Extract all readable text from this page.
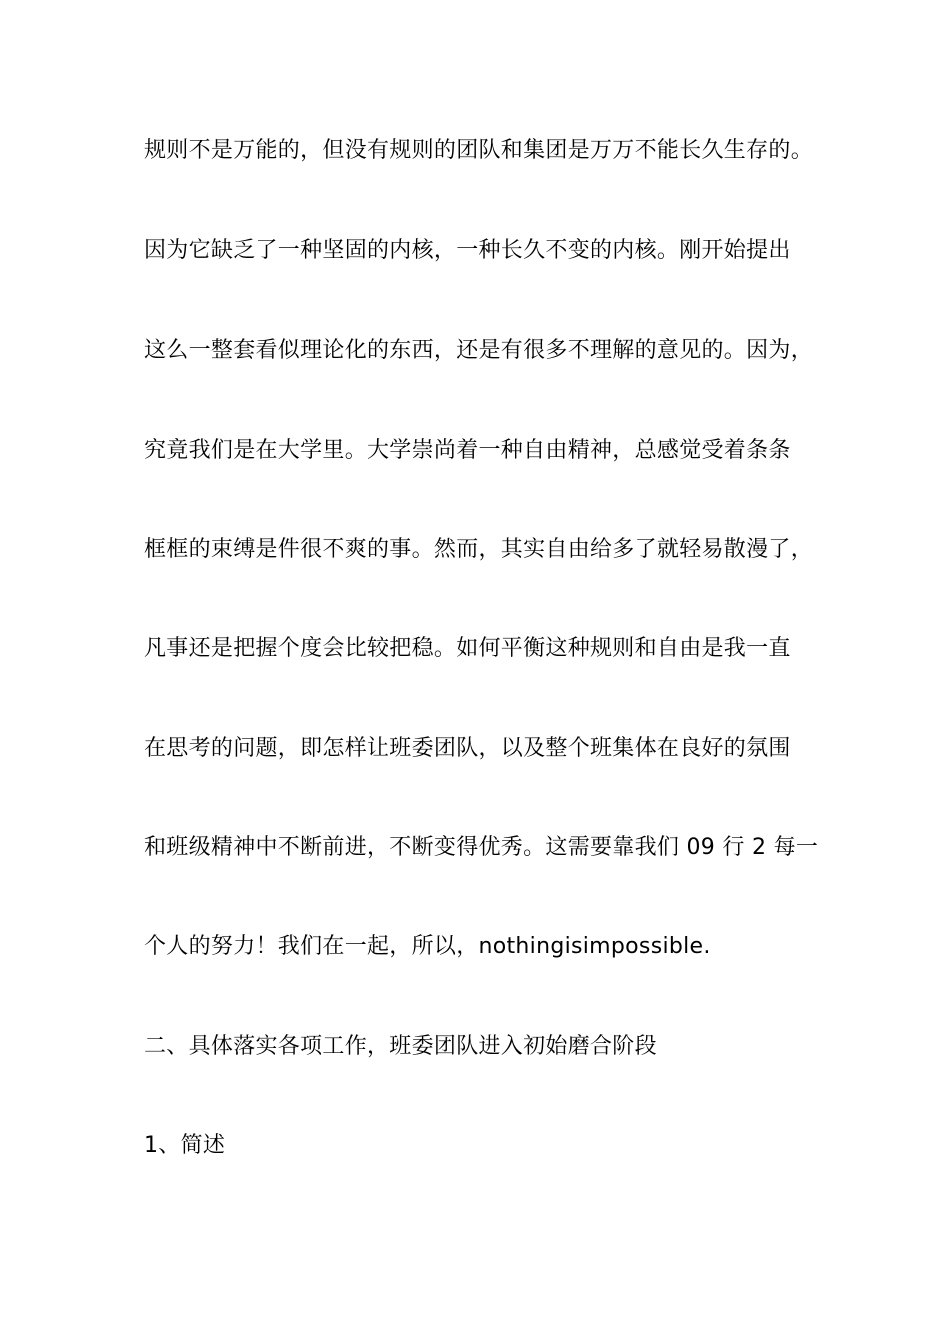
规则不是万能的，但没有规则的团队和集团是万万不能长久生存的。
因为它缺乏了一种坚固的内核，一种长久不变的内核。刚开始提出
这么一整套看似理论化的东西，还是有很多不理解的意见的。因为，
究竟我们是在大学里。大学崇尚着一种自由精神，总感觉受着条条
框框的束缚是件很不爽的事。然而，其实自由给多了就轻易散漫了，
凡事还是把握个度会比较把稳。如何平衡这种规则和自由是我一直
在思考的问题，即怎样让班委团队，以及整个班集体在良好的氛围
和班级精神中不断前进，不断变得优秀。这需要靠我们 09 行 2 每一
个人的努力！我们在一起，所以，nothingisimpossible.
二、具体落实各项工作，班委团队进入初始磨合阶段
1、简述
